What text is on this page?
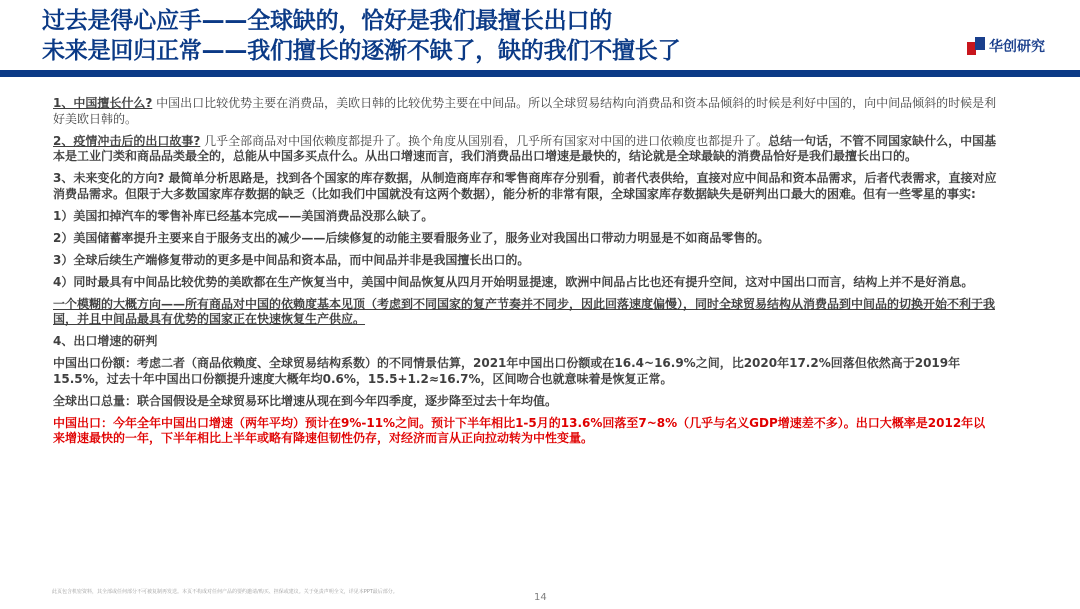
过去是得心应手——全球缺的，恰好是我们最擅长出口的
未来是回归正常——我们擅长的逐渐不缺了，缺的我们不擅长了	华创研究

1、中国擅长什么? 中国出口比较优势主要在消费品，美欧日韩的比较优势主要在中间品。所以全球贸易结构向消费品和资本品倾斜的时候是利好中国的，向中间品倾斜的时候是利好美欧日韩的。

2、疫情冲击后的出口故事? 几乎全部商品对中国依赖度都提升了。换个角度从国别看，几乎所有国家对中国的进口依赖度也都提升了。总结一句话，不管不同国家缺什么，中国基本是工业门类和商品品类最全的，总能从中国多买点什么。从出口增速而言，我们消费品出口增速是最快的，结论就是全球最缺的消费品恰好是我们最擅长出口的。

3、未来变化的方向? 最简单分析思路是，找到各个国家的库存数据，从制造商库存和零售商库存分别看，前者代表供给，直接对应中间品和资本品需求，后者代表需求，直接对应消费品需求。但限于大多数国家库存数据的缺乏（比如我们中国就没有这两个数据），能分析的非常有限，全球国家库存数据缺失是研判出口最大的困难。但有一些零星的事实:

1）美国扣掉汽车的零售补库已经基本完成——美国消费品没那么缺了。

2）美国储蓄率提升主要来自于服务支出的减少——后续修复的动能主要看服务业了，服务业对我国出口带动力明显是不如商品零售的。

3）全球后续生产端修复带动的更多是中间品和资本品，而中间品并非是我国擅长出口的。

4）同时最具有中间品比较优势的美欧都在生产恢复当中，美国中间品恢复从四月开始明显提速，欧洲中间品占比也还有提升空间，这对中国出口而言，结构上并不是好消息。

一个模糊的大概方向——所有商品对中国的依赖度基本见顶（考虑到不同国家的复产节奏并不同步，因此回落速度偏慢），同时全球贸易结构从消费品到中间品的切换开始不利于我国，并且中间品最具有优势的国家正在快速恢复生产供应。

4、出口增速的研判

中国出口份额：考虑二者（商品依赖度、全球贸易结构系数）的不同情景估算，2021年中国出口份额或在16.4~16.9%之间，比2020年17.2%回落但依然高于2019年15.5%，过去十年中国出口份额提升速度大概年均0.6%，15.5+1.2≈16.7%，区间吻合也就意味着是恢复正常。

全球出口总量：联合国假设是全球贸易环比增速从现在到今年四季度，逐步降至过去十年均值。

中国出口：今年全年中国出口增速（两年平均）预计在9%-11%之间。预计下半年相比1-5月的13.6%回落至7~8%（几乎与名义GDP增速差不多）。出口大概率是2012年以来增速最快的一年，下半年相比上半年或略有降速但韧性仍存，对经济而言从正向拉动转为中性变量。

此页包含机密资料，其全部或任何部分不可被复制再发送。本页不构成对任何产品的要约邀请/购买、担保或建议。关于免责声明全文，详见本PPT最后部分。	14
